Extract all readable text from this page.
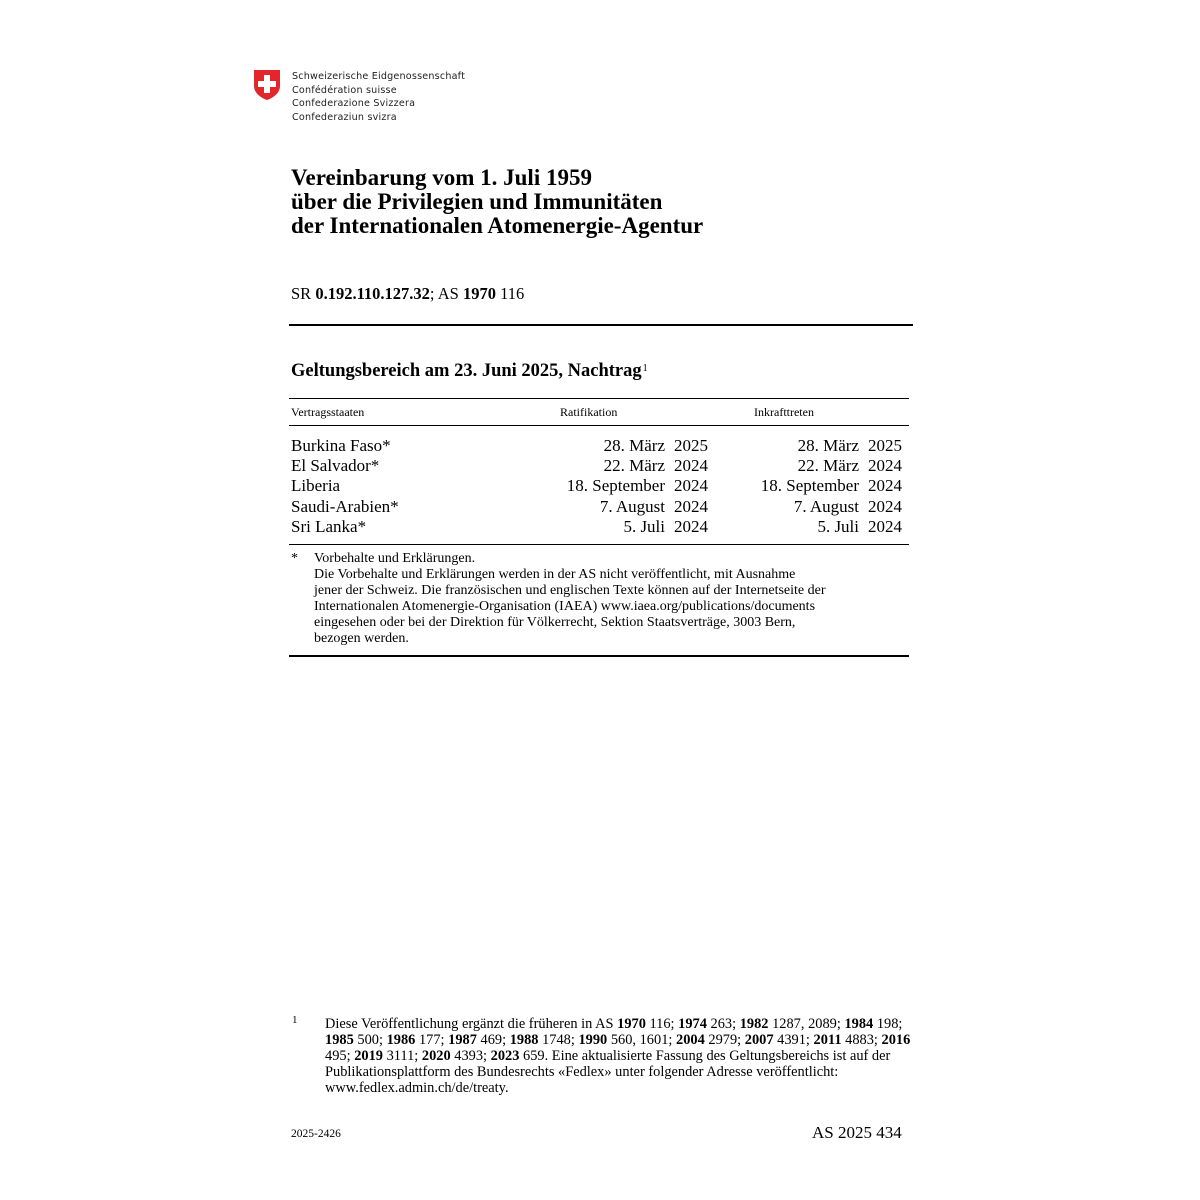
Schweizerische Eidgenossenschaft
Confédération suisse
Confederazione Svizzera
Confederaziun svizra
Vereinbarung vom 1. Juli 1959
über die Privilegien und Immunitäten
der Internationalen Atomenergie-Agentur
SR 0.192.110.127.32; AS 1970 116
Geltungsbereich am 23. Juni 2025, Nachtrag$^1$
Vertragsstaaten	Ratifikation	Inkrafttreten
Burkina Faso*	28. März 2025	28. März 2025
El Salvador*	22. März 2024	22. März 2024
Liberia	18. September 2024	18. September 2024
Saudi-Arabien*	7. August 2024	7. August 2024
Sri Lanka*	5. Juli 2024	5. Juli 2024
* Vorbehalte und Erklärungen.
Die Vorbehalte und Erklärungen werden in der AS nicht veröffentlicht, mit Ausnahme
jener der Schweiz. Die französischen und englischen Texte können auf der Internetseite der
Internationalen Atomenergie-Organisation (IAEA) www.iaea.org/publications/documents
eingesehen oder bei der Direktion für Völkerrecht, Sektion Staatsverträge, 3003 Bern,
bezogen werden.
1 Diese Veröffentlichung ergänzt die früheren in AS 1970 116; 1974 263; 1982 1287, 2089; 1984 198; 1985 500; 1986 177; 1987 469; 1988 1748; 1990 560, 1601; 2004 2979; 2007 4391; 2011 4883; 2016 495; 2019 3111; 2020 4393; 2023 659. Eine aktualisierte Fassung des Geltungsbereichs ist auf der Publikationsplattform des Bundesrechts «Fedlex» unter folgender Adresse veröffentlicht: www.fedlex.admin.ch/de/treaty.
2025-2426	AS 2025 434
